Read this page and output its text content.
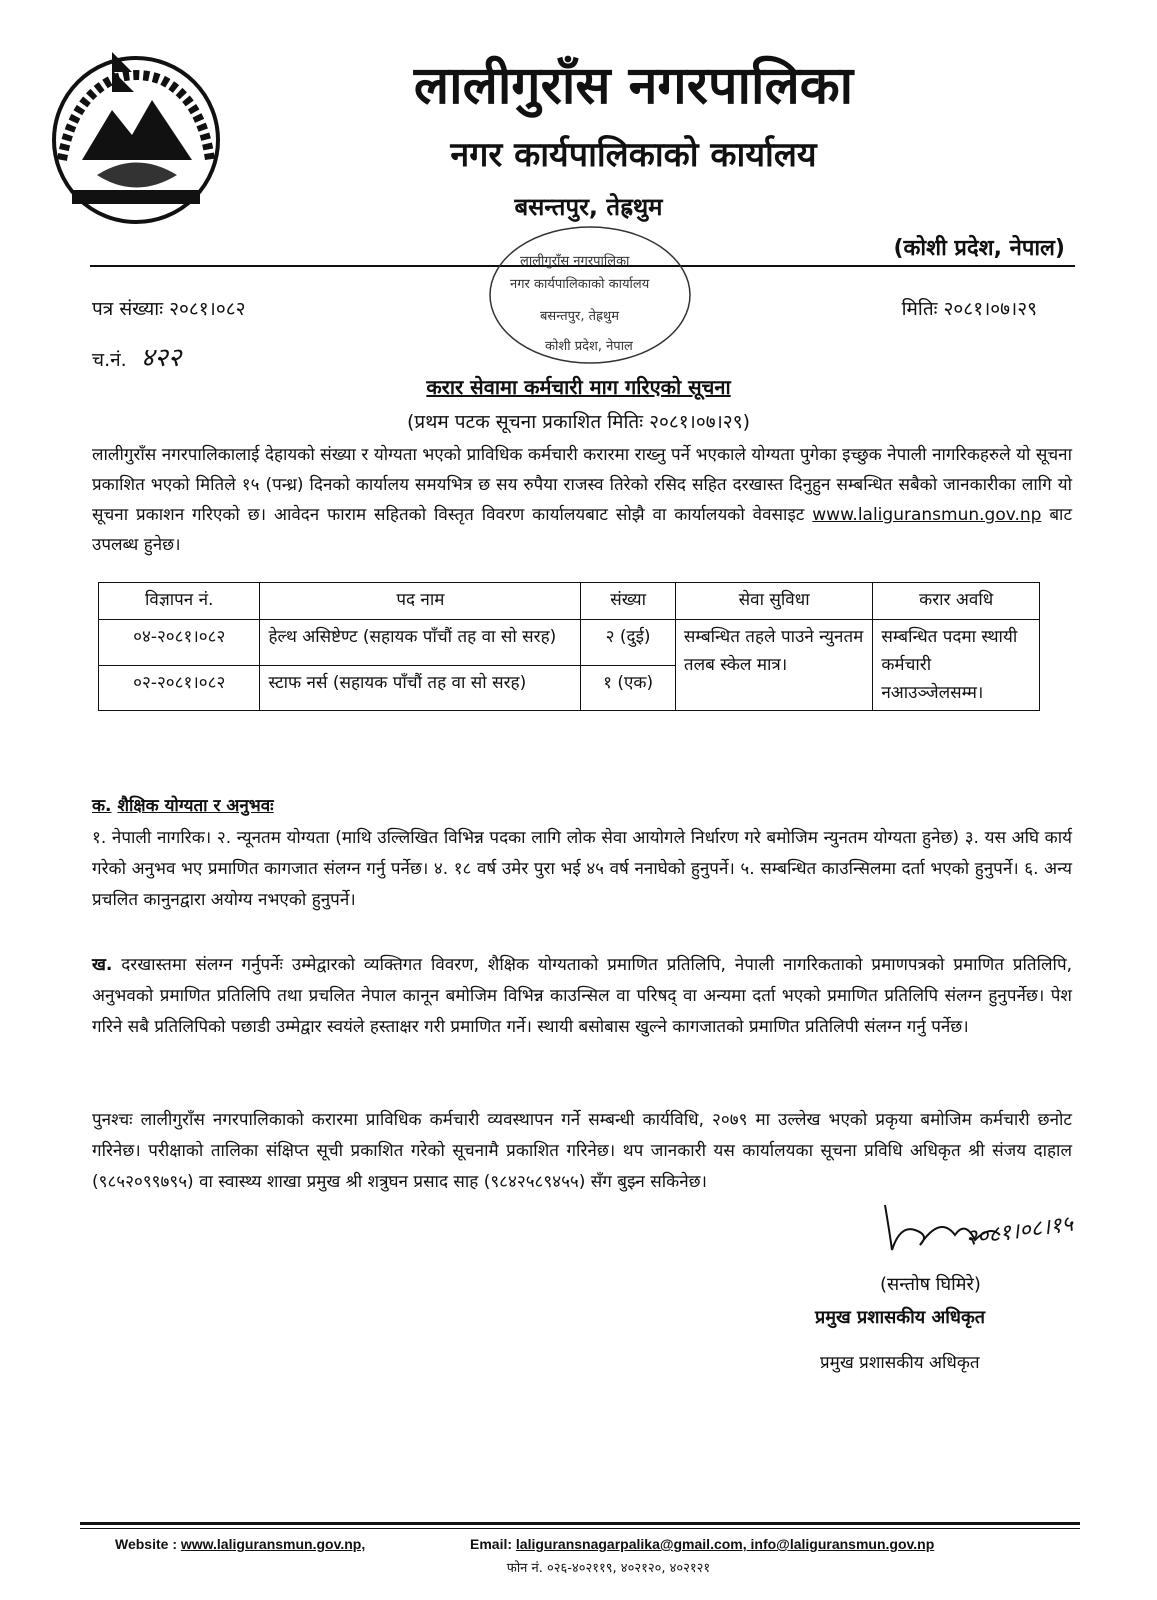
लालीगुराँस नगरपालिका
नगर कार्यपालिकाको कार्यालय
बसन्तपुर, तेह्रथुम
(कोशी प्रदेश, नेपाल)
लालीगुराँस नगरपालिका
नगर कार्यपालिकाको कार्यालय
बसन्तपुर, तेह्रथुम
कोशी प्रदेश, नेपाल
पत्र संख्याः २०८१।०८२
च.नं. ४२२
मितिः २०८१।०७।२९
करार सेवामा कर्मचारी माग गरिएको सूचना
(प्रथम पटक सूचना प्रकाशित मितिः २०८१।०७।२९)
लालीगुराँस नगरपालिकालाई देहायको संख्या र योग्यता भएको प्राविधिक कर्मचारी करारमा राख्नु पर्ने भएकाले योग्यता पुगेका इच्छुक नेपाली नागरिकहरुले यो सूचना प्रकाशित भएको मितिले १५ (पन्ध्र) दिनको कार्यालय समयभित्र छ सय रुपैया राजस्व तिरेको रसिद सहित दरखास्त दिनुहुन सम्बन्धित सबैको जानकारीका लागि यो सूचना प्रकाशन गरिएको छ। आवेदन फाराम सहितको विस्तृत विवरण कार्यालयबाट सोझै वा कार्यालयको वेवसाइट www.laliguransmun.gov.np बाट उपलब्ध हुनेछ।
विज्ञापन नं.	पद नाम	संख्या	सेवा सुविधा	करार अवधि
०४-२०८१।०८२	हेल्थ असिष्टेण्ट (सहायक पाँचौं तह वा सो सरह)	२ (दुई)	सम्बन्धित तहले पाउने न्युनतम तलब स्केल मात्र।	सम्बन्धित पदमा स्थायी कर्मचारी नआउञ्जेलसम्म।
०२-२०८१।०८२	स्टाफ नर्स (सहायक पाँचौं तह वा सो सरह)	१ (एक)		
क. शैक्षिक योग्यता र अनुभवः
१. नेपाली नागरिक। २. न्यूनतम योग्यता (माथि उल्लिखित विभिन्न पदका लागि लोक सेवा आयोगले निर्धारण गरे बमोजिम न्युनतम योग्यता हुनेछ) ३. यस अघि कार्य गरेको अनुभव भए प्रमाणित कागजात संलग्न गर्नु पर्नेछ। ४. १८ वर्ष उमेर पुरा भई ४५ वर्ष ननाघेको हुनुपर्ने। ५. सम्बन्धित काउन्सिलमा दर्ता भएको हुनुपर्ने। ६. अन्य प्रचलित कानुनद्वारा अयोग्य नभएको हुनुपर्ने।
ख. दरखास्तमा संलग्न गर्नुपर्नेः उम्मेद्वारको व्यक्तिगत विवरण, शैक्षिक योग्यताको प्रमाणित प्रतिलिपि, नेपाली नागरिकताको प्रमाणपत्रको प्रमाणित प्रतिलिपि, अनुभवको प्रमाणित प्रतिलिपि तथा प्रचलित नेपाल कानून बमोजिम विभिन्न काउन्सिल वा परिषद् वा अन्यमा दर्ता भएको प्रमाणित प्रतिलिपि संलग्न हुनुपर्नेछ। पेश गरिने सबै प्रतिलिपिको पछाडी उम्मेद्वार स्वयंले हस्ताक्षर गरी प्रमाणित गर्ने। स्थायी बसोबास खुल्ने कागजातको प्रमाणित प्रतिलिपी संलग्न गर्नु पर्नेछ।
पुनश्चः लालीगुराँस नगरपालिकाको करारमा प्राविधिक कर्मचारी व्यवस्थापन गर्ने सम्बन्धी कार्यविधि, २०७९ मा उल्लेख भएको प्रकृया बमोजिम कर्मचारी छनोट गरिनेछ। परीक्षाको तालिका संक्षिप्त सूची प्रकाशित गरेको सूचनामै प्रकाशित गरिनेछ। थप जानकारी यस कार्यालयका सूचना प्रविधि अधिकृत श्री संजय दाहाल (९८५२०९९७९५) वा स्वास्थ्य शाखा प्रमुख श्री शत्रुघन प्रसाद साह (९८४२५८९४५५) सँग बुझ्न सकिनेछ।
२०८१।०८।१५
(सन्तोष घिमिरे)
प्रमुख प्रशासकीय अधिकृत
प्रमुख प्रशासकीय अधिकृत
Website : www.laliguransmun.gov.np,	Email: laliguransnagarpalika@gmail.com, info@laliguransmun.gov.np
फोन नं. ०२६-४०२११९, ४०२१२०, ४०२१२१
